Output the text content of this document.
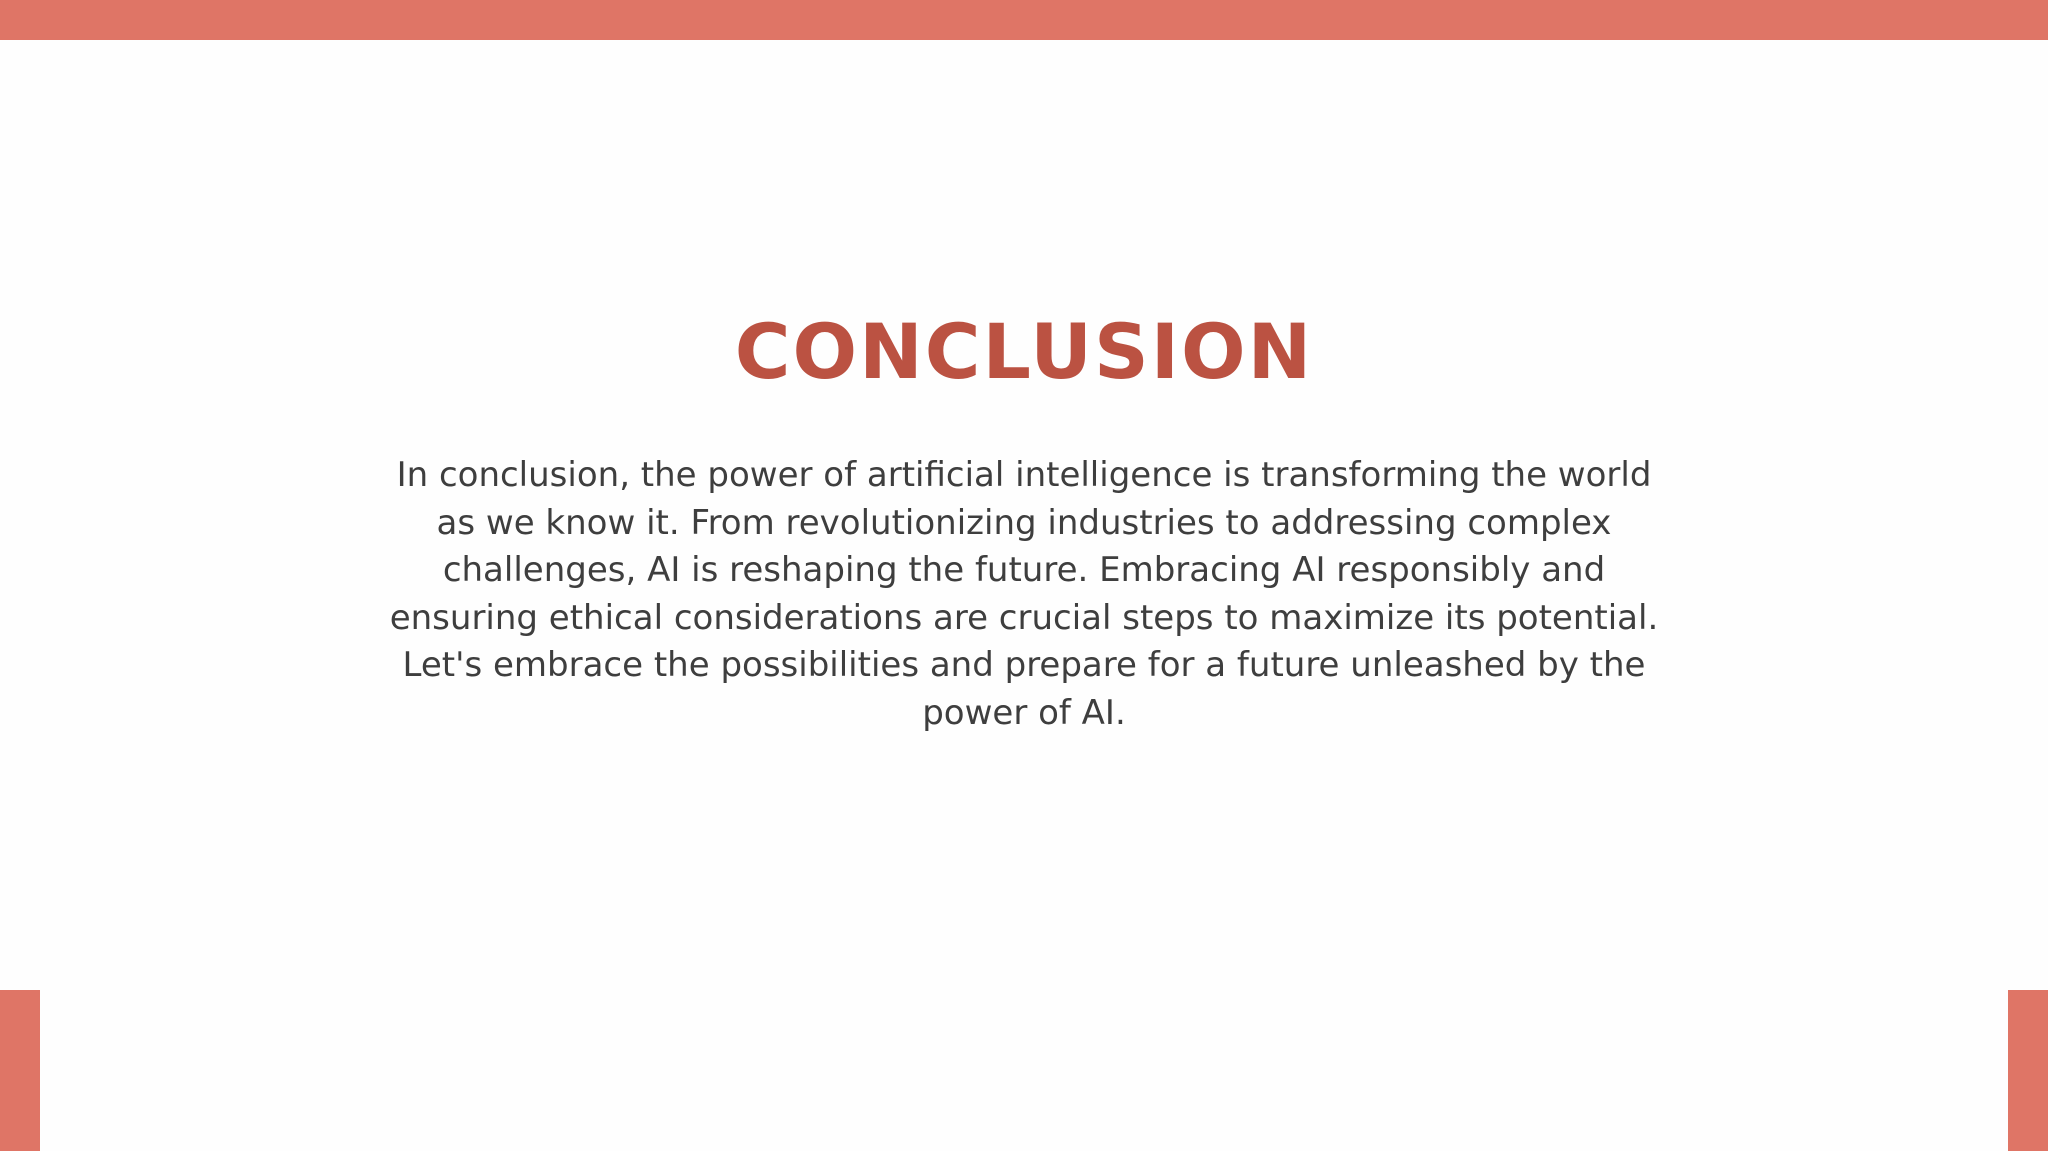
CONCLUSION

In conclusion, the power of artificial intelligence is transforming the world as we know it. From revolutionizing industries to addressing complex challenges, AI is reshaping the future. Embracing AI responsibly and ensuring ethical considerations are crucial steps to maximize its potential. Let's embrace the possibilities and prepare for a future unleashed by the power of AI.
